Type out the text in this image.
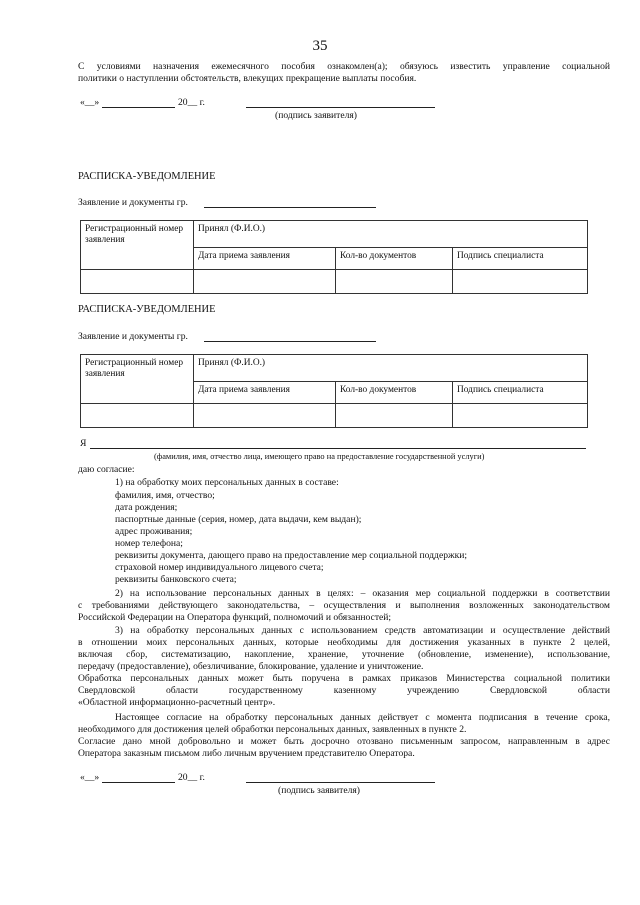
35
С условиями назначения ежемесячного пособия ознакомлен(а); обязуюсь известить управление социальной
политики о наступлении обстоятельств, влекущих прекращение выплаты пособия.
«__»	20__ г.
(подпись заявителя)
РАСПИСКА-УВЕДОМЛЕНИЕ
Заявление и документы гр.
Регистрационный номер заявления	Принял (Ф.И.О.)		
	Дата приема заявления	Кол-во документов	Подпись специалиста

РАСПИСКА-УВЕДОМЛЕНИЕ
Заявление и документы гр.
Регистрационный номер заявления	Принял (Ф.И.О.)		
	Дата приема заявления	Кол-во документов	Подпись специалиста

Я
(фамилия, имя, отчество лица, имеющего право на предоставление государственной услуги)
даю согласие:
1) на обработку моих персональных данных в составе:
фамилия, имя, отчество;
дата рождения;
паспортные данные (серия, номер, дата выдачи, кем выдан);
адрес проживания;
номер телефона;
реквизиты документа, дающего право на предоставление мер социальной поддержки;
страховой номер индивидуального лицевого счета;
реквизиты банковского счета;
2) на использование персональных данных в целях: – оказания мер социальной поддержки в соответствии
с требованиями действующего законодательства, – осуществления и выполнения возложенных законодательством
Российской Федерации на Оператора функций, полномочий и обязанностей;
3) на обработку персональных данных с использованием средств автоматизации и осуществление действий
в отношении моих персональных данных, которые необходимы для достижения указанных в пункте 2 целей,
включая сбор, систематизацию, накопление, хранение, уточнение (обновление, изменение), использование,
передачу (предоставление), обезличивание, блокирование, удаление и уничтожение.
Обработка персональных данных может быть поручена в рамках приказов Министерства социальной политики
Свердловской области государственному казенному учреждению Свердловской области
«Областной информационно-расчетный центр».
Настоящее согласие на обработку персональных данных действует с момента подписания в течение срока,
необходимого для достижения целей обработки персональных данных, заявленных в пункте 2.
Согласие дано мной добровольно и может быть досрочно отозвано письменным запросом, направленным в адрес
Оператора заказным письмом либо личным вручением представителю Оператора.
«__»	20__ г.
(подпись заявителя)
